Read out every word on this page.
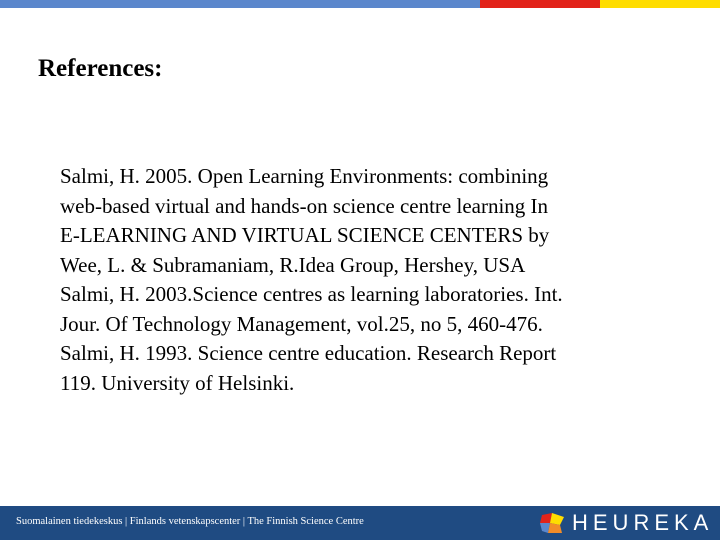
References:
Salmi, H. 2005. Open Learning Environments: combining
web-based virtual and hands-on science centre learning In
E-LEARNING AND VIRTUAL SCIENCE CENTERS by
Wee, L. & Subramaniam, R.Idea Group, Hershey, USA
Salmi, H. 2003.Science centres as learning laboratories. Int.
Jour. Of Technology Management, vol.25, no 5, 460-476.
Salmi, H. 1993. Science centre education. Research Report
119. University of Helsinki.
Suomalainen tiedekeskus | Finlands vetenskapscenter | The Finnish Science Centre	HEUREKA
